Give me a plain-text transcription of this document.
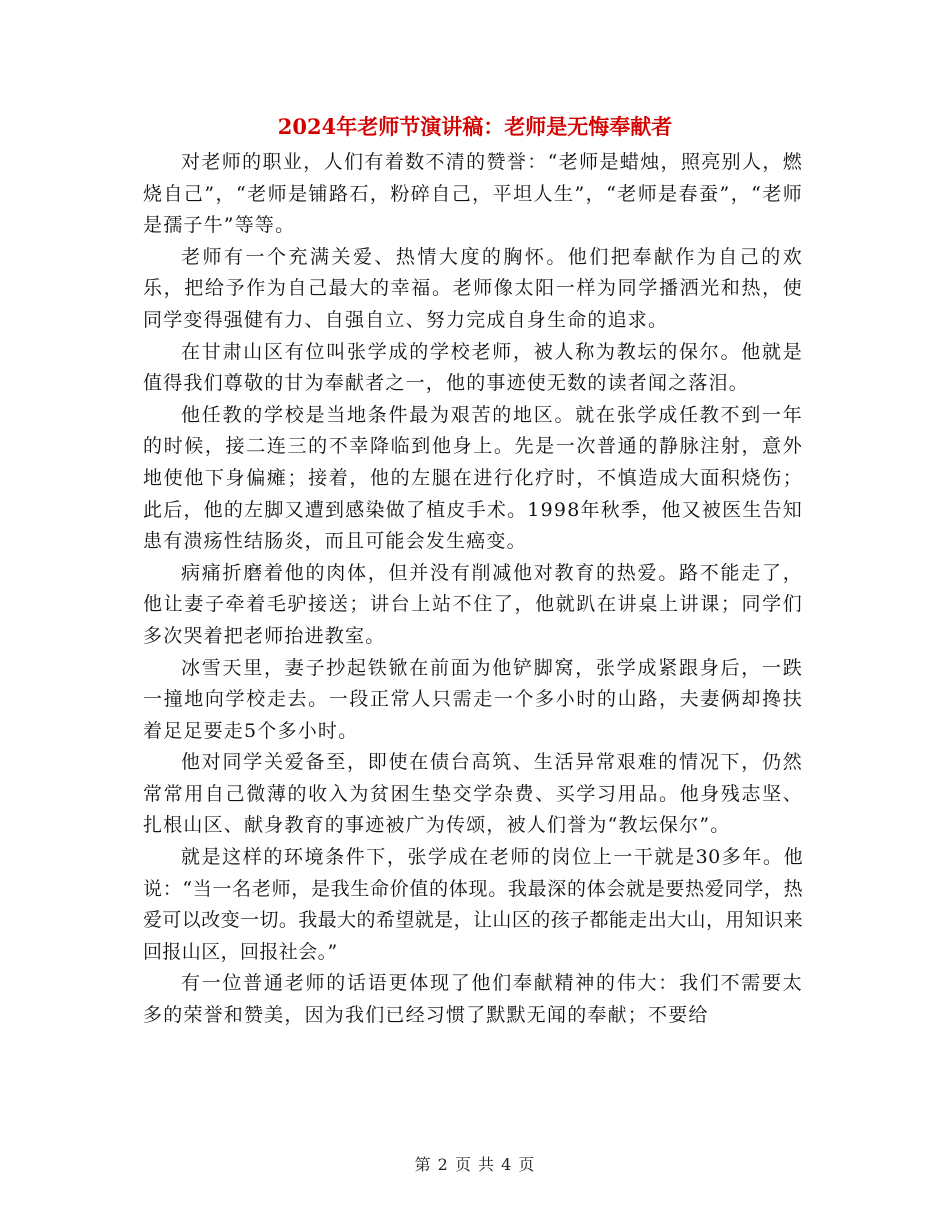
2024年老师节演讲稿：老师是无悔奉献者

对老师的职业，人们有着数不清的赞誉：“老师是蜡烛，照亮别人，燃烧自己”，“老师是铺路石，粉碎自己，平坦人生”，“老师是春蚕”，“老师是孺子牛”等等。

老师有一个充满关爱、热情大度的胸怀。他们把奉献作为自己的欢乐，把给予作为自己最大的幸福。老师像太阳一样为同学播洒光和热，使同学变得强健有力、自强自立、努力完成自身生命的追求。

在甘肃山区有位叫张学成的学校老师，被人称为教坛的保尔。他就是值得我们尊敬的甘为奉献者之一，他的事迹使无数的读者闻之落泪。

他任教的学校是当地条件最为艰苦的地区。就在张学成任教不到一年的时候，接二连三的不幸降临到他身上。先是一次普通的静脉注射，意外地使他下身偏瘫；接着，他的左腿在进行化疗时，不慎造成大面积烧伤；此后，他的左脚又遭到感染做了植皮手术。1998年秋季，他又被医生告知患有溃疡性结肠炎，而且可能会发生癌变。

病痛折磨着他的肉体，但并没有削减他对教育的热爱。路不能走了，他让妻子牵着毛驴接送；讲台上站不住了，他就趴在讲桌上讲课；同学们多次哭着把老师抬进教室。

冰雪天里，妻子抄起铁锨在前面为他铲脚窝，张学成紧跟身后，一跌一撞地向学校走去。一段正常人只需走一个多小时的山路，夫妻俩却搀扶着足足要走5个多小时。

他对同学关爱备至，即使在债台高筑、生活异常艰难的情况下，仍然常常用自己微薄的收入为贫困生垫交学杂费、买学习用品。他身残志坚、扎根山区、献身教育的事迹被广为传颂，被人们誉为“教坛保尔”。

就是这样的环境条件下，张学成在老师的岗位上一干就是30多年。他说：“当一名老师，是我生命价值的体现。我最深的体会就是要热爱同学，热爱可以改变一切。我最大的希望就是，让山区的孩子都能走出大山，用知识来回报山区，回报社会。”

有一位普通老师的话语更体现了他们奉献精神的伟大：我们不需要太多的荣誉和赞美，因为我们已经习惯了默默无闻的奉献；不要给

第 2 页 共 4 页
